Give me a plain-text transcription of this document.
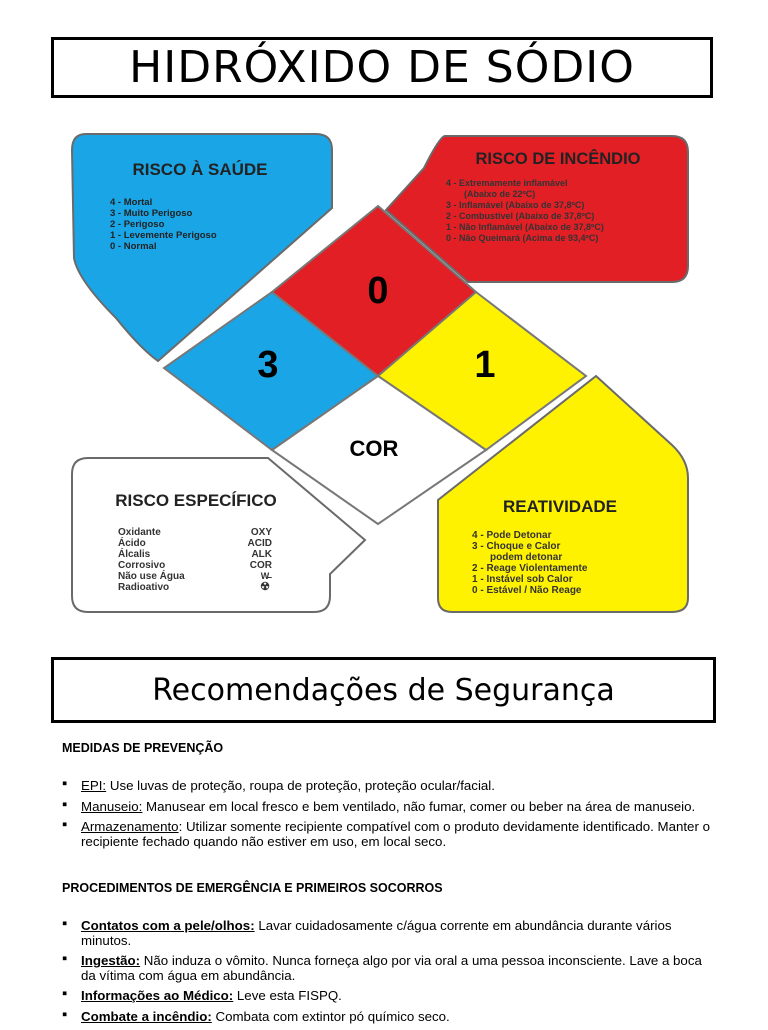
HIDRÓXIDO DE SÓDIO
0
3	1
COR
RISCO À SAÚDE
4 - Mortal
3 - Muito Perigoso
2 - Perigoso
1 - Levemente Perigoso
0 - Normal
RISCO DE INCÊNDIO
4 - Extremamente inflamável
(Abaixo de 22ºC)
3 - Inflamável (Abaixo de 37,8ºC)
2 - Combustível (Abaixo de 37,8ºC)
1 - Não Inflamável (Abaixo de 37,8ºC)
0 - Não Queimará (Acima de 93,4ºC)
RISCO ESPECÍFICO
Oxidante
Ácido
Álcalis
Corrosivo
Não use Água
Radioativo
OXY
ACID
ALK
COR
W̶
☢
REATIVIDADE
4 - Pode Detonar
3 - Choque e Calor
podem detonar
2 - Reage Violentamente
1 - Instável sob Calor
0 - Estável / Não Reage
Recomendações de Segurança
MEDIDAS DE PREVENÇÃO
▪ EPI: Use luvas de proteção, roupa de proteção, proteção ocular/facial.
▪ Manuseio: Manusear em local fresco e bem ventilado, não fumar, comer ou beber na área de manuseio.
▪ Armazenamento: Utilizar somente recipiente compatível com o produto devidamente identificado. Manter o recipiente fechado quando não estiver em uso, em local seco.
PROCEDIMENTOS DE EMERGÊNCIA E PRIMEIROS SOCORROS
▪ Contatos com a pele/olhos: Lavar cuidadosamente c/água corrente em abundância durante vários minutos.
▪ Ingestão: Não induza o vômito. Nunca forneça algo por via oral a uma pessoa inconsciente. Lave a boca da vítima com água em abundância.
▪ Informações ao Médico: Leve esta FISPQ.
▪ Combate a incêndio: Combata com extintor pó químico seco.
